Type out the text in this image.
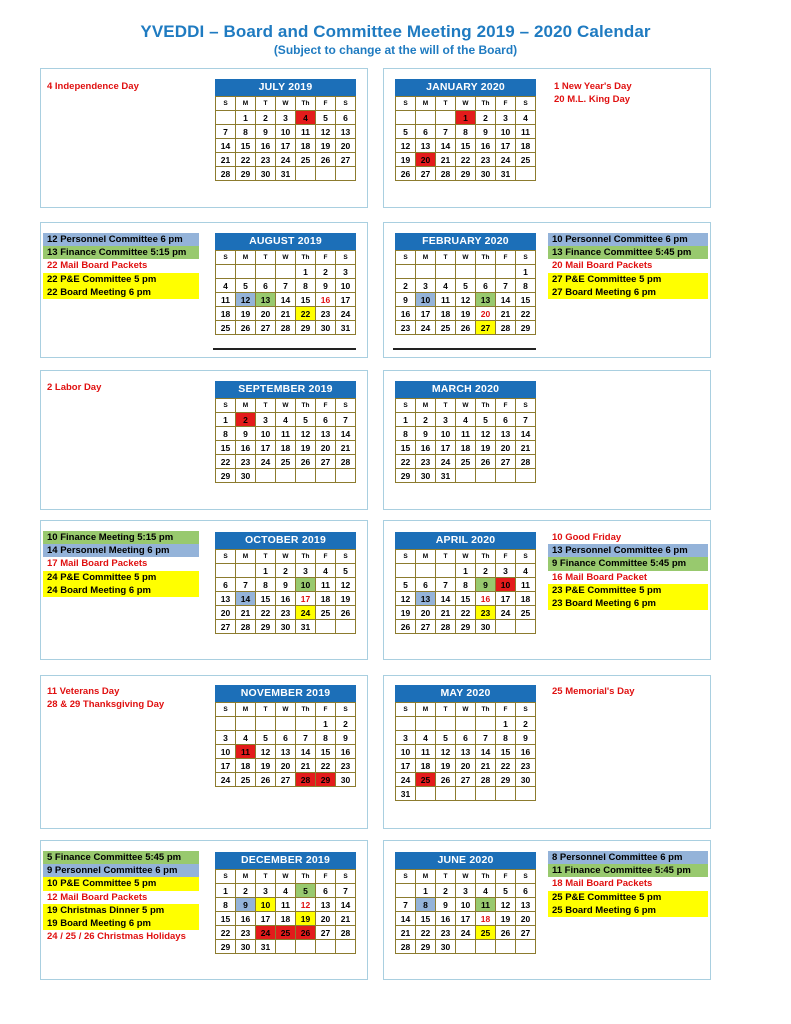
YVEDDI – Board and Committee Meeting 2019 – 2020 Calendar
(Subject to change at the will of the Board)
JULY 2019
S	M	T	W	Th	F	S
	1	2	3	4	5	6
7	8	9	10	11	12	13
14	15	16	17	18	19	20
21	22	23	24	25	26	27
28	29	30	31			
AUGUST 2019
S	M	T	W	Th	F	S
				1	2	3
4	5	6	7	8	9	10
11	12	13	14	15	16	17
18	19	20	21	22	23	24
25	26	27	28	29	30	31
SEPTEMBER 2019
S	M	T	W	Th	F	S
1	2	3	4	5	6	7
8	9	10	11	12	13	14
15	16	17	18	19	20	21
22	23	24	25	26	27	28
29	30					
OCTOBER 2019
S	M	T	W	Th	F	S
		1	2	3	4	5
6	7	8	9	10	11	12
13	14	15	16	17	18	19
20	21	22	23	24	25	26
27	28	29	30	31		
NOVEMBER 2019
S	M	T	W	Th	F	S
					1	2
3	4	5	6	7	8	9
10	11	12	13	14	15	16
17	18	19	20	21	22	23
24	25	26	27	28	29	30
DECEMBER 2019
S	M	T	W	Th	F	S
1	2	3	4	5	6	7
8	9	10	11	12	13	14
15	16	17	18	19	20	21
22	23	24	25	26	27	28
29	30	31				
JANUARY 2020
S	M	T	W	Th	F	S
			1	2	3	4
5	6	7	8	9	10	11
12	13	14	15	16	17	18
19	20	21	22	23	24	25
26	27	28	29	30	31	
FEBRUARY 2020
S	M	T	W	Th	F	S
						1
2	3	4	5	6	7	8
9	10	11	12	13	14	15
16	17	18	19	20	21	22
23	24	25	26	27	28	29
MARCH 2020
S	M	T	W	Th	F	S
1	2	3	4	5	6	7
8	9	10	11	12	13	14
15	16	17	18	19	20	21
22	23	24	25	26	27	28
29	30	31				
APRIL 2020
S	M	T	W	Th	F	S
			1	2	3	4
5	6	7	8	9	10	11
12	13	14	15	16	17	18
19	20	21	22	23	24	25
26	27	28	29	30		
MAY 2020
S	M	T	W	Th	F	S
					1	2
3	4	5	6	7	8	9
10	11	12	13	14	15	16
17	18	19	20	21	22	23
24	25	26	27	28	29	30
31						
JUNE 2020
S	M	T	W	Th	F	S
	1	2	3	4	5	6
7	8	9	10	11	12	13
14	15	16	17	18	19	20
21	22	23	24	25	26	27
28	29	30				
4 Independence Day
12 Personnel Committee 6 pm
13 Finance Committee 5:15 pm
22 Mail Board Packets
22 P&E Committee 5 pm
22 Board Meeting 6 pm
2 Labor Day
10 Finance Meeting 5:15 pm
14 Personnel Meeting 6 pm
17 Mail Board Packets
24 P&E Committee 5 pm
24 Board Meeting 6 pm
11 Veterans Day
28 & 29 Thanksgiving Day
5 Finance Committee 5:45 pm
9 Personnel Committee 6 pm
10 P&E Committee 5 pm
12 Mail Board Packets
19 Christmas Dinner 5 pm
19 Board Meeting 6 pm
24 / 25 / 26 Christmas Holidays
1 New Year's Day
20 M.L. King Day
10 Personnel Committee 6 pm
13 Finance Committee 5:45 pm
20 Mail Board Packets
27 P&E Committee 5 pm
27 Board Meeting 6 pm
10 Good Friday
13 Personnel Committee 6 pm
9 Finance Committee 5:45 pm
16 Mail Board Packet
23 P&E Committee 5 pm
23 Board Meeting 6 pm
25 Memorial's Day
8 Personnel Committee 6 pm
11 Finance Committee 5:45 pm
18 Mail Board Packets
25 P&E Committee 5 pm
25 Board Meeting 6 pm
